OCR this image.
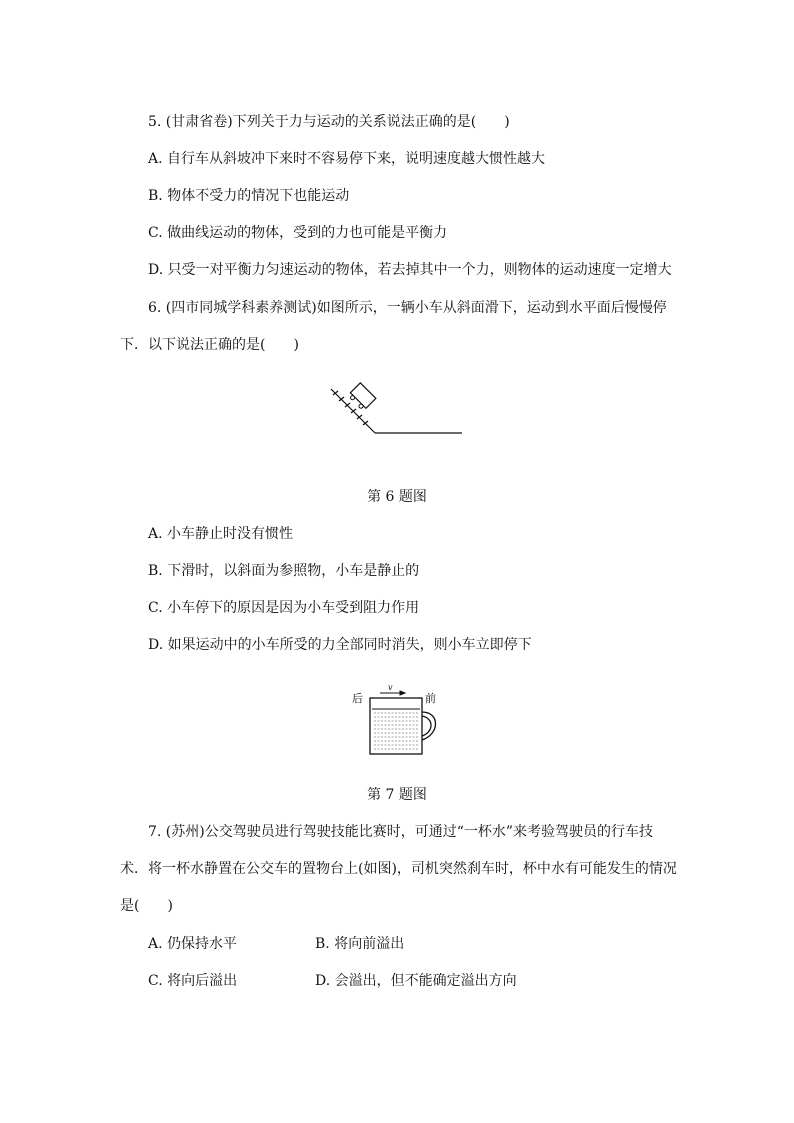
5. (甘肃省卷)下列关于力与运动的关系说法正确的是(　　)
A. 自行车从斜坡冲下来时不容易停下来，说明速度越大惯性越大
B. 物体不受力的情况下也能运动
C. 做曲线运动的物体，受到的力也可能是平衡力
D. 只受一对平衡力匀速运动的物体，若去掉其中一个力，则物体的运动速度一定增大
6. (四市同城学科素养测试)如图所示，一辆小车从斜面滑下，运动到水平面后慢慢停
下．以下说法正确的是(　　)
第 6 题图
A. 小车静止时没有惯性
B. 下滑时，以斜面为参照物，小车是静止的
C. 小车停下的原因是因为小车受到阻力作用
D. 如果运动中的小车所受的力全部同时消失，则小车立即停下
后	前
v
第 7 题图
7. (苏州)公交驾驶员进行驾驶技能比赛时，可通过“一杯水”来考验驾驶员的行车技
术．将一杯水静置在公交车的置物台上(如图)，司机突然刹车时，杯中水有可能发生的情况
是(　　)
A. 仍保持水平	B. 将向前溢出
C. 将向后溢出	D. 会溢出，但不能确定溢出方向
